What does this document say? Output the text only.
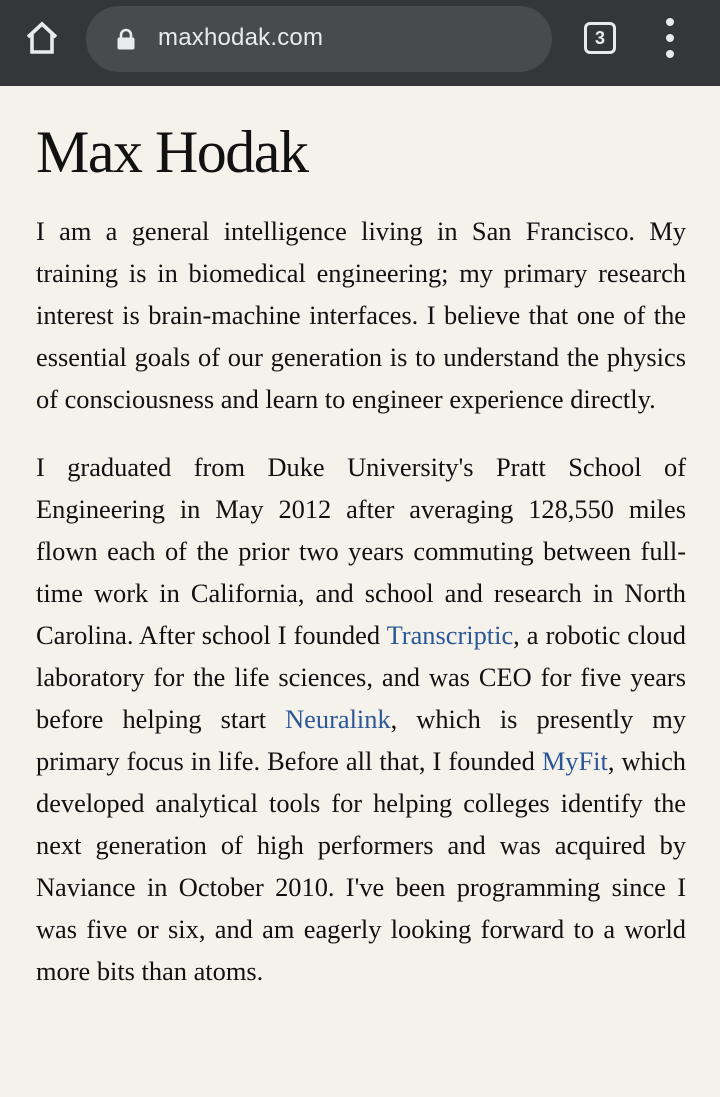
maxhodak.com	3
Max Hodak

I am a general intelligence living in San Francisco. My training is in biomedical engineering; my primary research interest is brain-machine interfaces. I believe that one of the essential goals of our generation is to understand the physics of consciousness and learn to engineer experience directly.

I graduated from Duke University's Pratt School of Engineering in May 2012 after averaging 128,550 miles flown each of the prior two years commuting between full-time work in California, and school and research in North Carolina. After school I founded Transcriptic, a robotic cloud laboratory for the life sciences, and was CEO for five years before helping start Neuralink, which is presently my primary focus in life. Before all that, I founded MyFit, which developed analytical tools for helping colleges identify the next generation of high performers and was acquired by Naviance in October 2010. I've been programming since I was five or six, and am eagerly looking forward to a world more bits than atoms.
